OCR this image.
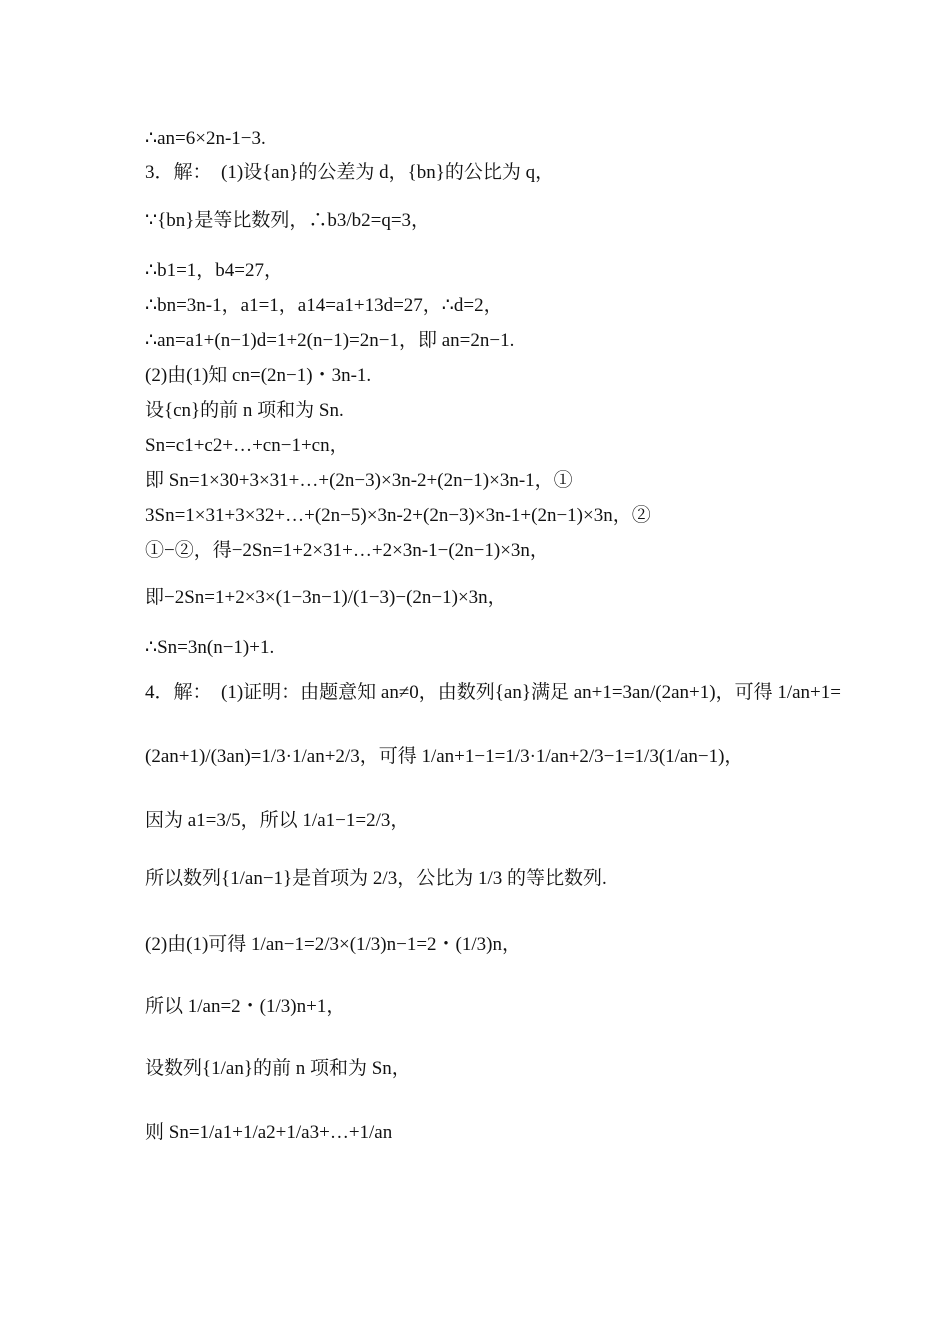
∴an=6×2n-1−3.
3．解：　(1)设{an}的公差为 d，{bn}的公比为 q，
∵{bn}是等比数列，∴b3/b2=q=3，
∴b1=1，b4=27，
∴bn=3n-1，a1=1，a14=a1+13d=27，∴d=2，
∴an=a1+(n−1)d=1+2(n−1)=2n−1，即 an=2n−1.
(2)由(1)知 cn=(2n−1)・3n-1.
设{cn}的前 n 项和为 Sn.
Sn=c1+c2+…+cn−1+cn，
即 Sn=1×30+3×31+…+(2n−3)×3n-2+(2n−1)×3n-1，①
3Sn=1×31+3×32+…+(2n−5)×3n-2+(2n−3)×3n-1+(2n−1)×3n，②
①−②，得−2Sn=1+2×31+…+2×3n-1−(2n−1)×3n，
即−2Sn=1+2×3×(1−3n−1)/(1−3)−(2n−1)×3n，
∴Sn=3n(n−1)+1.
4．解：　(1)证明：由题意知 an≠0，由数列{an}满足 an+1=3an/(2an+1)，可得 1/an+1=
(2an+1)/(3an)=1/3·1/an+2/3，可得 1/an+1−1=1/3·1/an+2/3−1=1/3(1/an−1)，
因为 a1=3/5，所以 1/a1−1=2/3，
所以数列{1/an−1}是首项为 2/3，公比为 1/3 的等比数列.
(2)由(1)可得 1/an−1=2/3×(1/3)n−1=2・(1/3)n，
所以 1/an=2・(1/3)n+1，
设数列{1/an}的前 n 项和为 Sn，
则 Sn=1/a1+1/a2+1/a3+…+1/an
